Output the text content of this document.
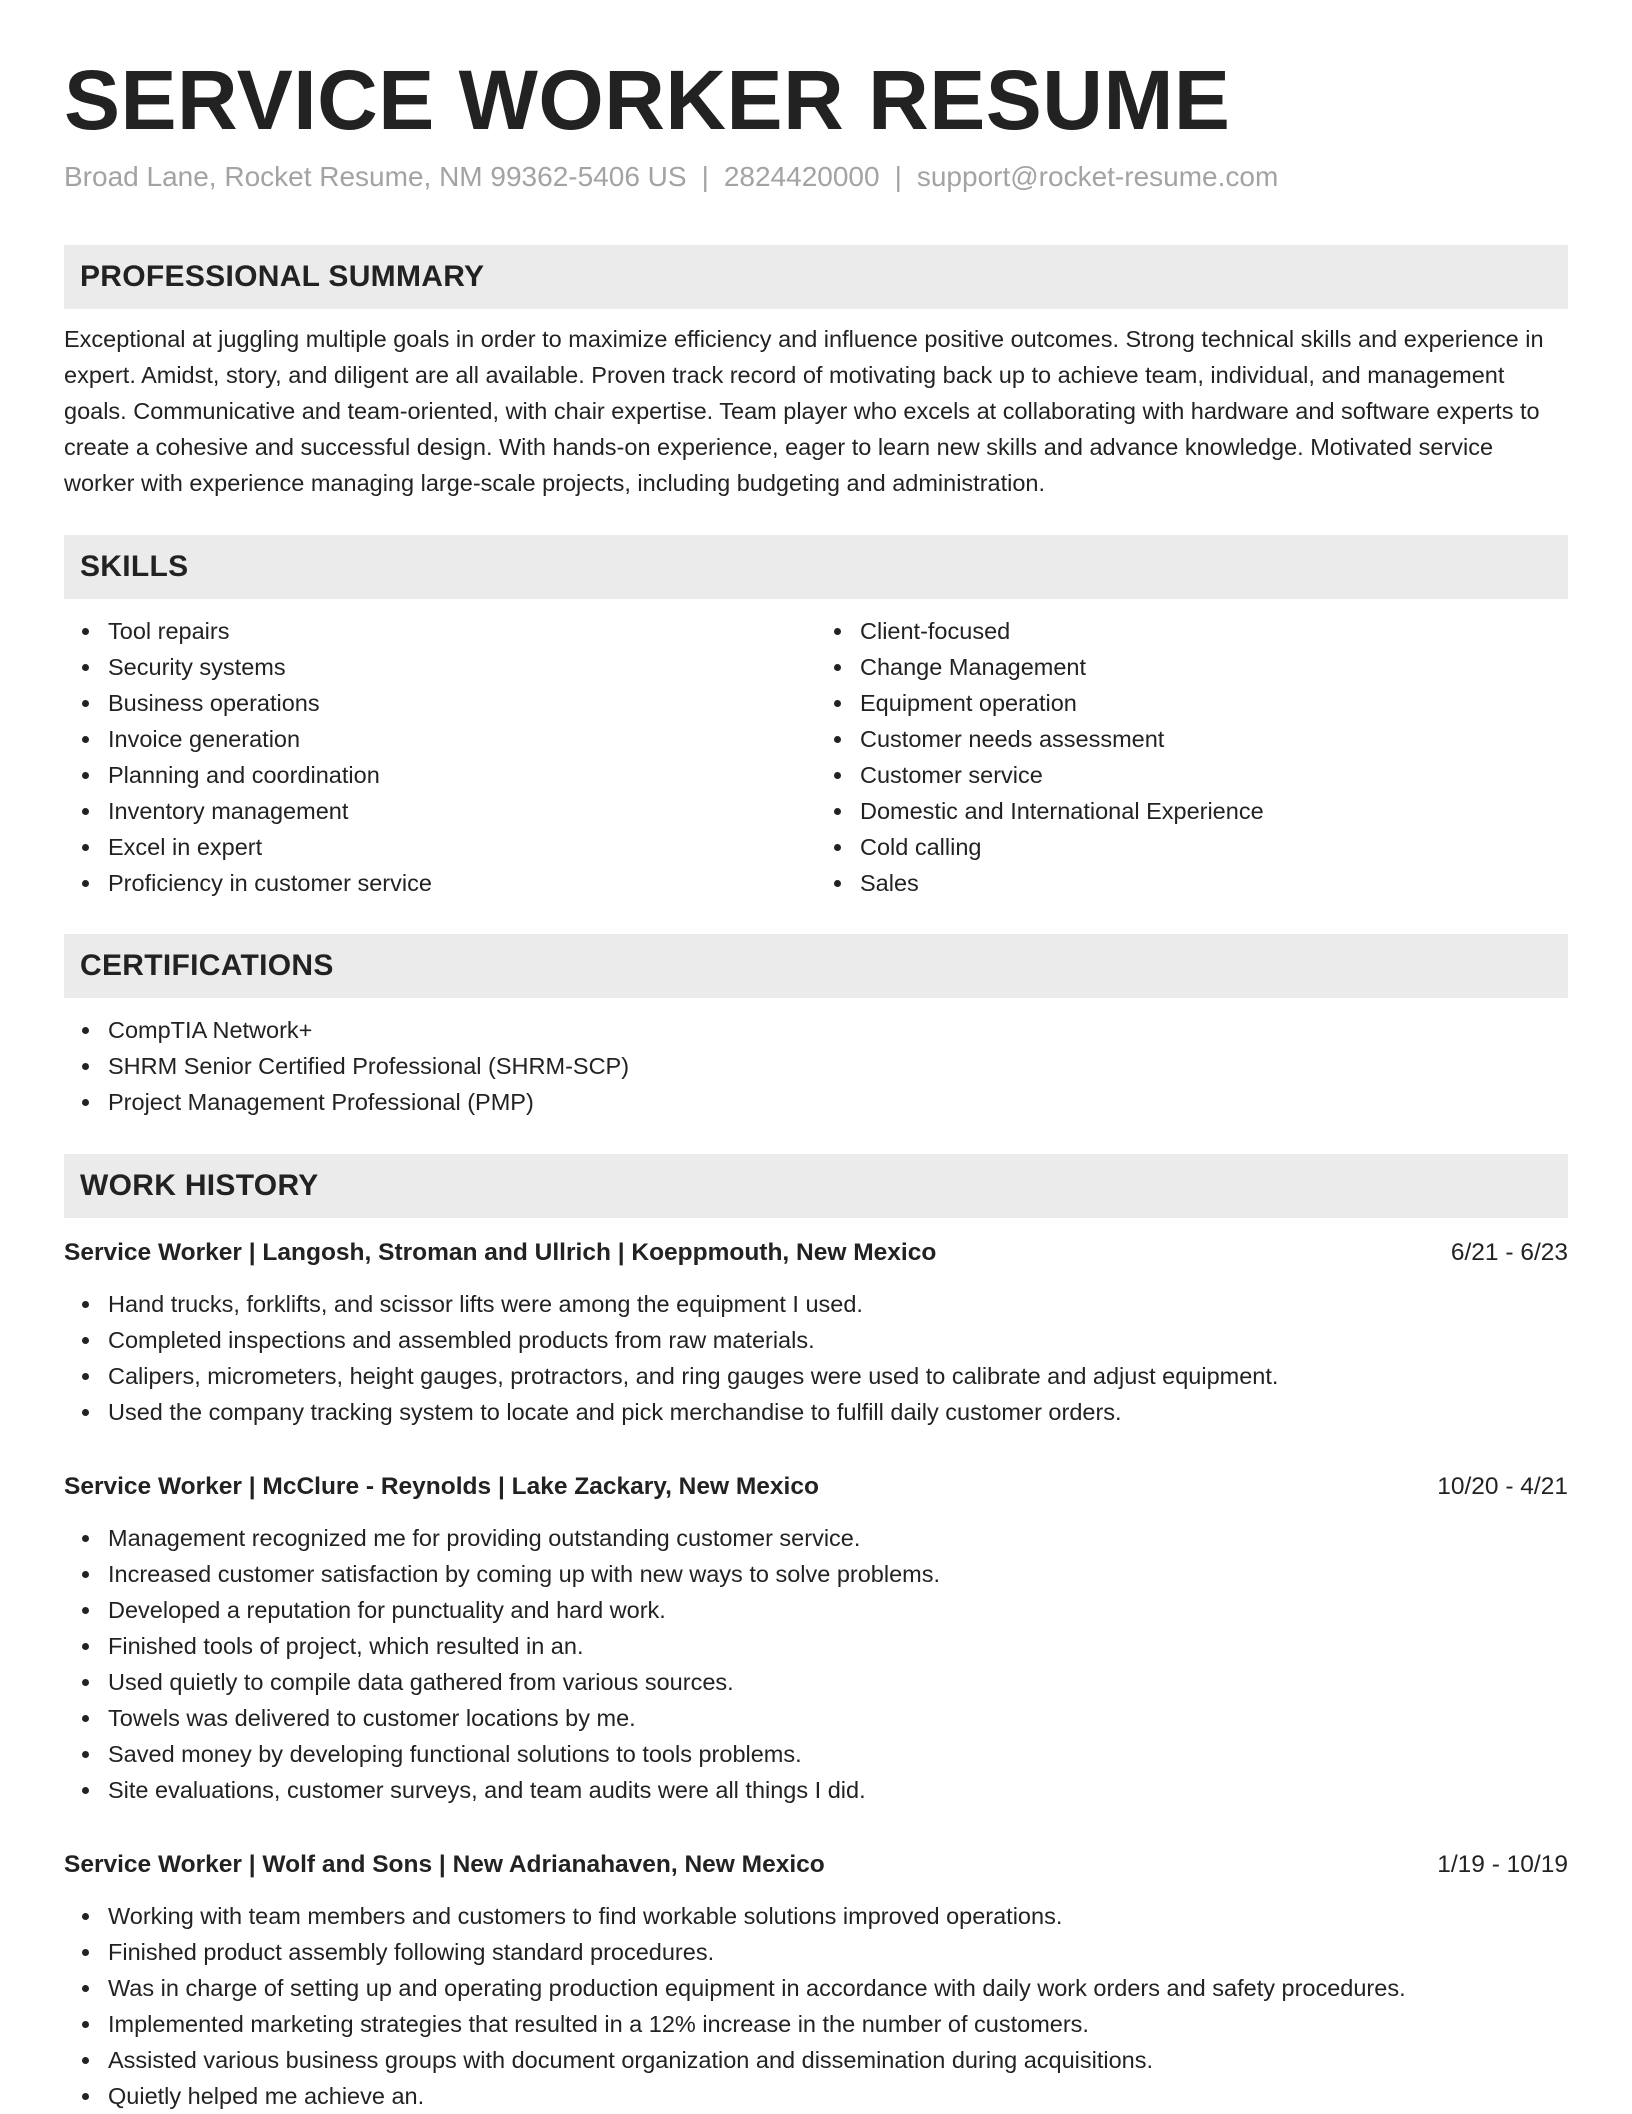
SERVICE WORKER RESUME
Broad Lane, Rocket Resume, NM 99362-5406 US | 2824420000 | support@rocket-resume.com
PROFESSIONAL SUMMARY

Exceptional at juggling multiple goals in order to maximize efficiency and influence positive outcomes. Strong technical skills and experience in expert. Amidst, story, and diligent are all available. Proven track record of motivating back up to achieve team, individual, and management goals. Communicative and team-oriented, with chair expertise. Team player who excels at collaborating with hardware and software experts to create a cohesive and successful design. With hands-on experience, eager to learn new skills and advance knowledge. Motivated service worker with experience managing large-scale projects, including budgeting and administration.

SKILLS
Tool repairs
Security systems
Business operations
Invoice generation
Planning and coordination
Inventory management
Excel in expert
Proficiency in customer service
Client-focused
Change Management
Equipment operation
Customer needs assessment
Customer service
Domestic and International Experience
Cold calling
Sales
CERTIFICATIONS
CompTIA Network+
SHRM Senior Certified Professional (SHRM-SCP)
Project Management Professional (PMP)
WORK HISTORY
Service Worker | Langosh, Stroman and Ullrich | Koeppmouth, New Mexico	6/21 - 6/23
Hand trucks, forklifts, and scissor lifts were among the equipment I used.
Completed inspections and assembled products from raw materials.
Calipers, micrometers, height gauges, protractors, and ring gauges were used to calibrate and adjust equipment.
Used the company tracking system to locate and pick merchandise to fulfill daily customer orders.
Service Worker | McClure - Reynolds | Lake Zackary, New Mexico	10/20 - 4/21
Management recognized me for providing outstanding customer service.
Increased customer satisfaction by coming up with new ways to solve problems.
Developed a reputation for punctuality and hard work.
Finished tools of project, which resulted in an.
Used quietly to compile data gathered from various sources.
Towels was delivered to customer locations by me.
Saved money by developing functional solutions to tools problems.
Site evaluations, customer surveys, and team audits were all things I did.
Service Worker | Wolf and Sons | New Adrianahaven, New Mexico	1/19 - 10/19
Working with team members and customers to find workable solutions improved operations.
Finished product assembly following standard procedures.
Was in charge of setting up and operating production equipment in accordance with daily work orders and safety procedures.
Implemented marketing strategies that resulted in a 12% increase in the number of customers.
Assisted various business groups with document organization and dissemination during acquisitions.
Quietly helped me achieve an.
